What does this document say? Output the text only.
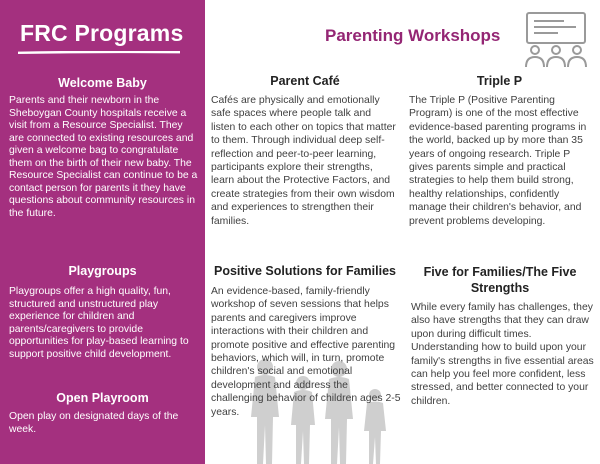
FRC Programs
Welcome Baby

Parents and their newborn in the Sheboygan County hospitals receive a visit from a Resource Specialist. They are connected to existing resources and given a welcome bag to congratulate them on the birth of their new baby. The Resource Specialist can continue to be a contact person for parents it they have questions about community resources in the future.

Playgroups

Playgroups offer a high quality, fun, structured and unstructured play experience for children and parents/caregivers to provide opportunities for play-based learning to support positive child development.

Open Playroom

Open play on designated days of the week.

Parenting Workshops
Parent Café
Cafés are physically and emotionally safe spaces where people talk and listen to each other on topics that matter to them. Through individual deep self-reflection and peer-to-peer learning, participants explore their strengths, learn about the Protective Factors, and create strategies from their own wisdom and experiences to strengthen their families.
Triple P
The Triple P (Positive Parenting Program) is one of the most effective evidence-based parenting programs in the world, backed up by more than 35 years of ongoing research. Triple P gives parents simple and practical strategies to help them build strong, healthy relationships, confidently manage their children's behavior, and prevent problems developing.
Positive Solutions for Families
An evidence-based, family-friendly workshop of seven sessions that helps parents and caregivers improve interactions with their children and promote positive and effective parenting behaviors, which will, in turn, promote children's social and emotional development and address the challenging behavior of children ages 2-5 years.
Five for Families/The Five Strengths
While every family has challenges, they also have strengths that they can draw upon during difficult times. Understanding how to build upon your family's strengths in five essential areas can help you feel more confident, less stressed, and better connected to your children.
